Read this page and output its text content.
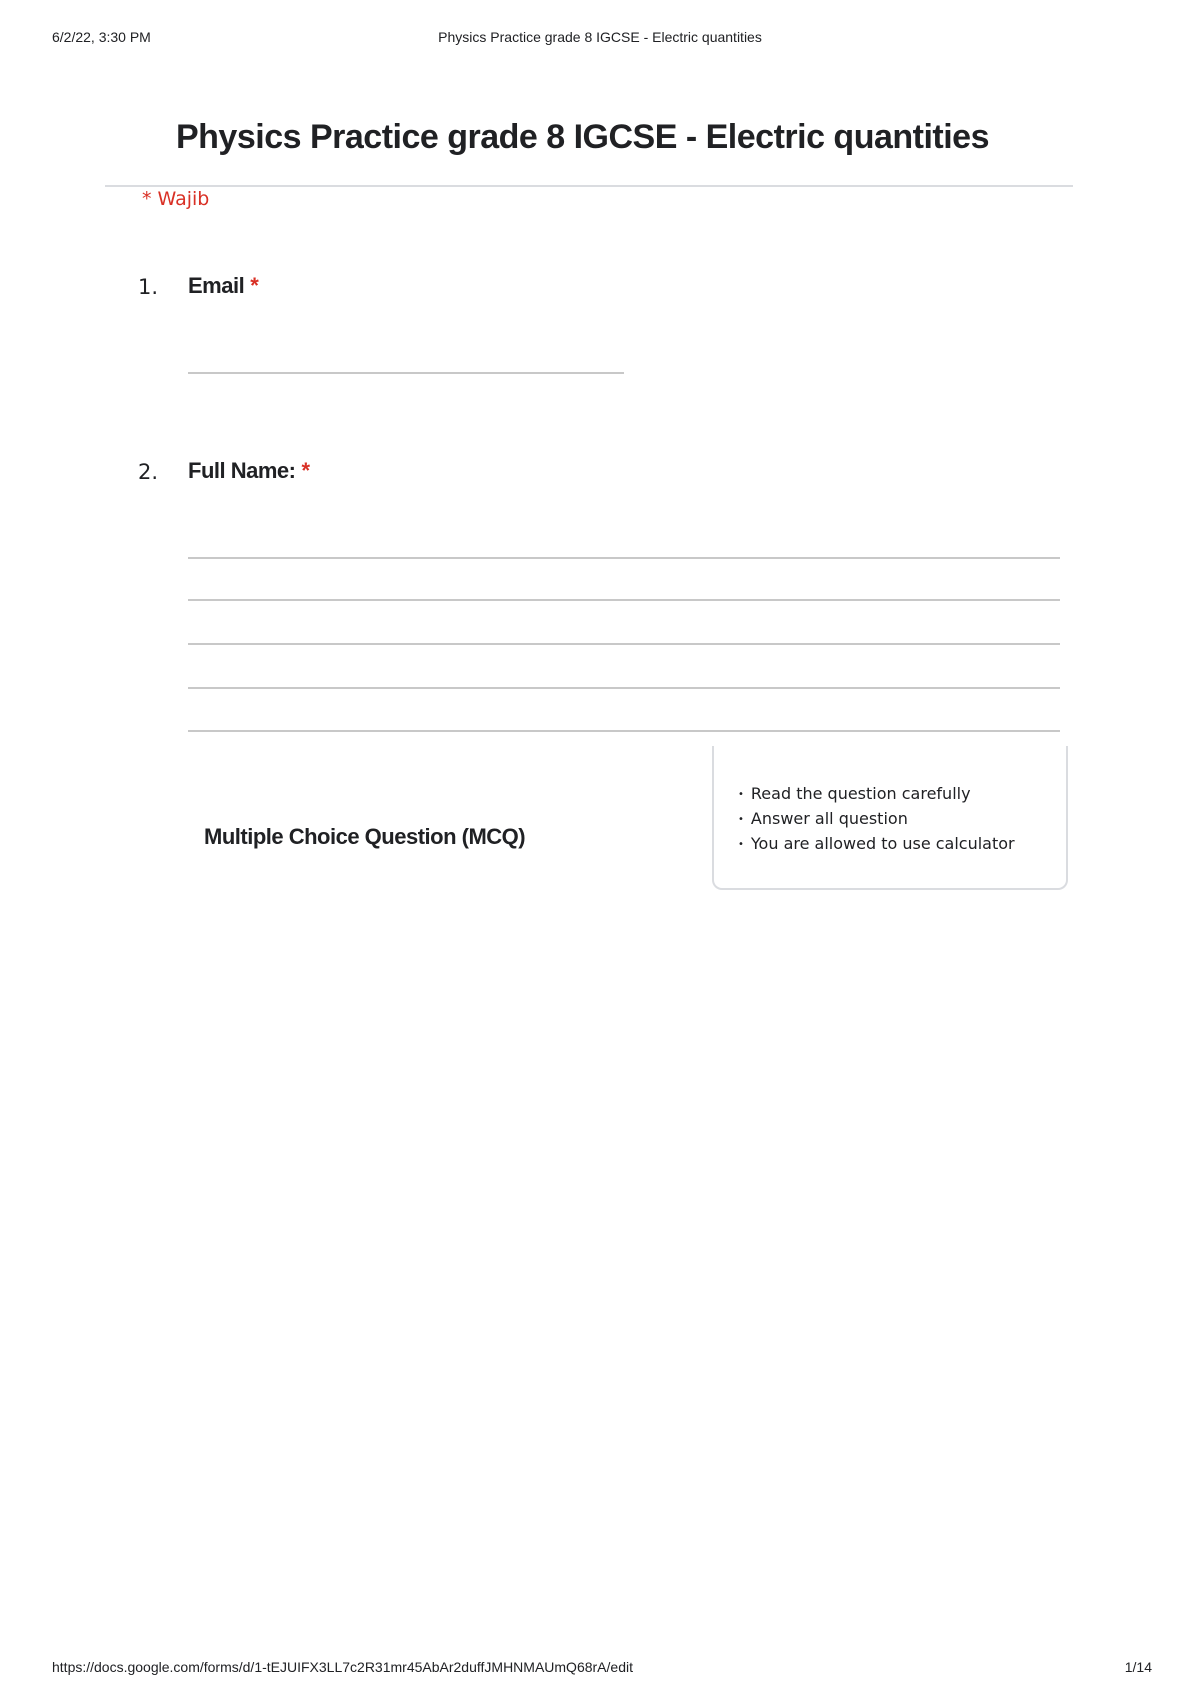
6/2/22, 3:30 PM	Physics Practice grade 8 IGCSE - Electric quantities
Physics Practice grade 8 IGCSE - Electric quantities
* Wajib
1. Email *
2. Full Name: *
Multiple Choice Question (MCQ)
• Read the question carefully
• Answer all question
• You are allowed to use calculator
https://docs.google.com/forms/d/1-tEJUIFX3LL7c2R31mr45AbAr2duffJMHNMAUmQ68rA/edit	1/14
